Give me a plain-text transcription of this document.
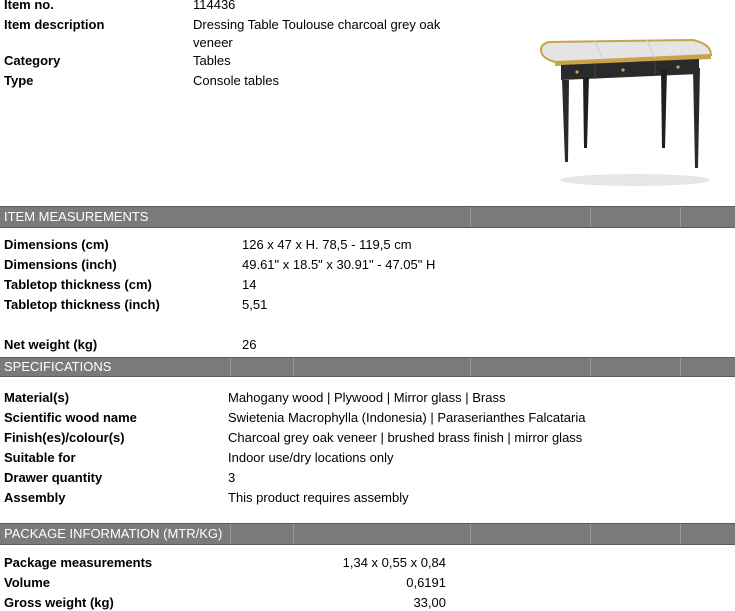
Item no.	114436
Item description	Dressing Table Toulouse charcoal grey oak
veneer
Category	Tables
Type	Console tables
ITEM MEASUREMENTS
Dimensions (cm)	126 x 47 x H. 78,5 - 119,5 cm
Dimensions (inch)	49.61" x 18.5" x 30.91" - 47.05" H
Tabletop thickness (cm)	14
Tabletop thickness (inch)	5,51
Net weight (kg)	26
SPECIFICATIONS
Material(s)	Mahogany wood | Plywood | Mirror glass | Brass
Scientific wood name	Swietenia Macrophylla (Indonesia) | Paraserianthes Falcataria
Finish(es)/colour(s)	Charcoal grey oak veneer | brushed brass finish | mirror glass
Suitable for	Indoor use/dry locations only
Drawer quantity	3
Assembly	This product requires assembly
PACKAGE INFORMATION (MTR/KG)
Package measurements	1,34 x 0,55 x 0,84
Volume	0,6191
Gross weight (kg)	33,00
